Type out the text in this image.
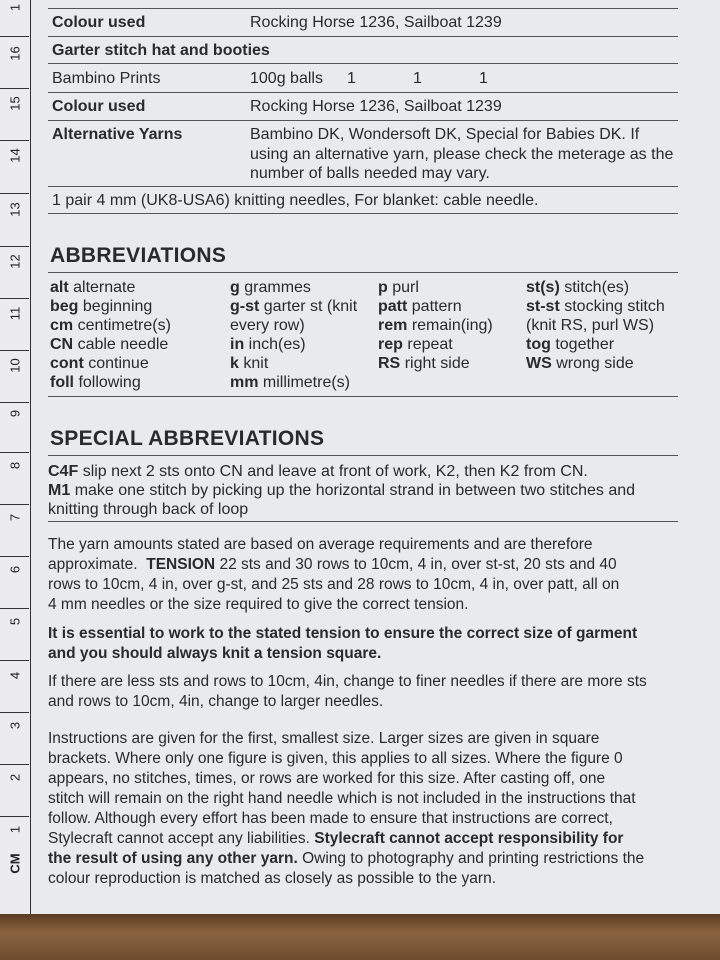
1
16
15
14
13
12
11
10
9
8
7
6
5
4
3
2
1
CM
Colour used	Rocking Horse 1236, Sailboat 1239
Garter stitch hat and booties
Bambino Prints	100g balls 1	1	1
Colour used	Rocking Horse 1236, Sailboat 1239
Alternative Yarns	Bambino DK, Wondersoft DK, Special for Babies DK. If
using an alternative yarn, please check the meterage as the
number of balls needed may vary.
1 pair 4 mm (UK8-USA6) knitting needles, For blanket: cable needle.
ABBREVIATIONS
alt alternate
beg beginning
cm centimetre(s)
CN cable needle
cont continue
foll following
g grammes
g-st garter st (knit
every row)
in inch(es)
k knit
mm millimetre(s)
p purl
patt pattern
rem remain(ing)
rep repeat
RS right side
st(s) stitch(es)
st-st stocking stitch
(knit RS, purl WS)
tog together
WS wrong side
SPECIAL ABBREVIATIONS
C4F slip next 2 sts onto CN and leave at front of work, K2, then K2 from CN.
M1 make one stitch by picking up the horizontal strand in between two stitches and
knitting through back of loop
The yarn amounts stated are based on average requirements and are therefore
approximate. TENSION 22 sts and 30 rows to 10cm, 4 in, over st-st, 20 sts and 40
rows to 10cm, 4 in, over g-st, and 25 sts and 28 rows to 10cm, 4 in, over patt, all on
4 mm needles or the size required to give the correct tension.
It is essential to work to the stated tension to ensure the correct size of garment
and you should always knit a tension square.
If there are less sts and rows to 10cm, 4in, change to finer needles if there are more sts
and rows to 10cm, 4in, change to larger needles.
Instructions are given for the first, smallest size. Larger sizes are given in square
brackets. Where only one figure is given, this applies to all sizes. Where the figure 0
appears, no stitches, times, or rows are worked for this size. After casting off, one
stitch will remain on the right hand needle which is not included in the instructions that
follow. Although every effort has been made to ensure that instructions are correct,
Stylecraft cannot accept any liabilities. Stylecraft cannot accept responsibility for
the result of using any other yarn. Owing to photography and printing restrictions the
colour reproduction is matched as closely as possible to the yarn.
